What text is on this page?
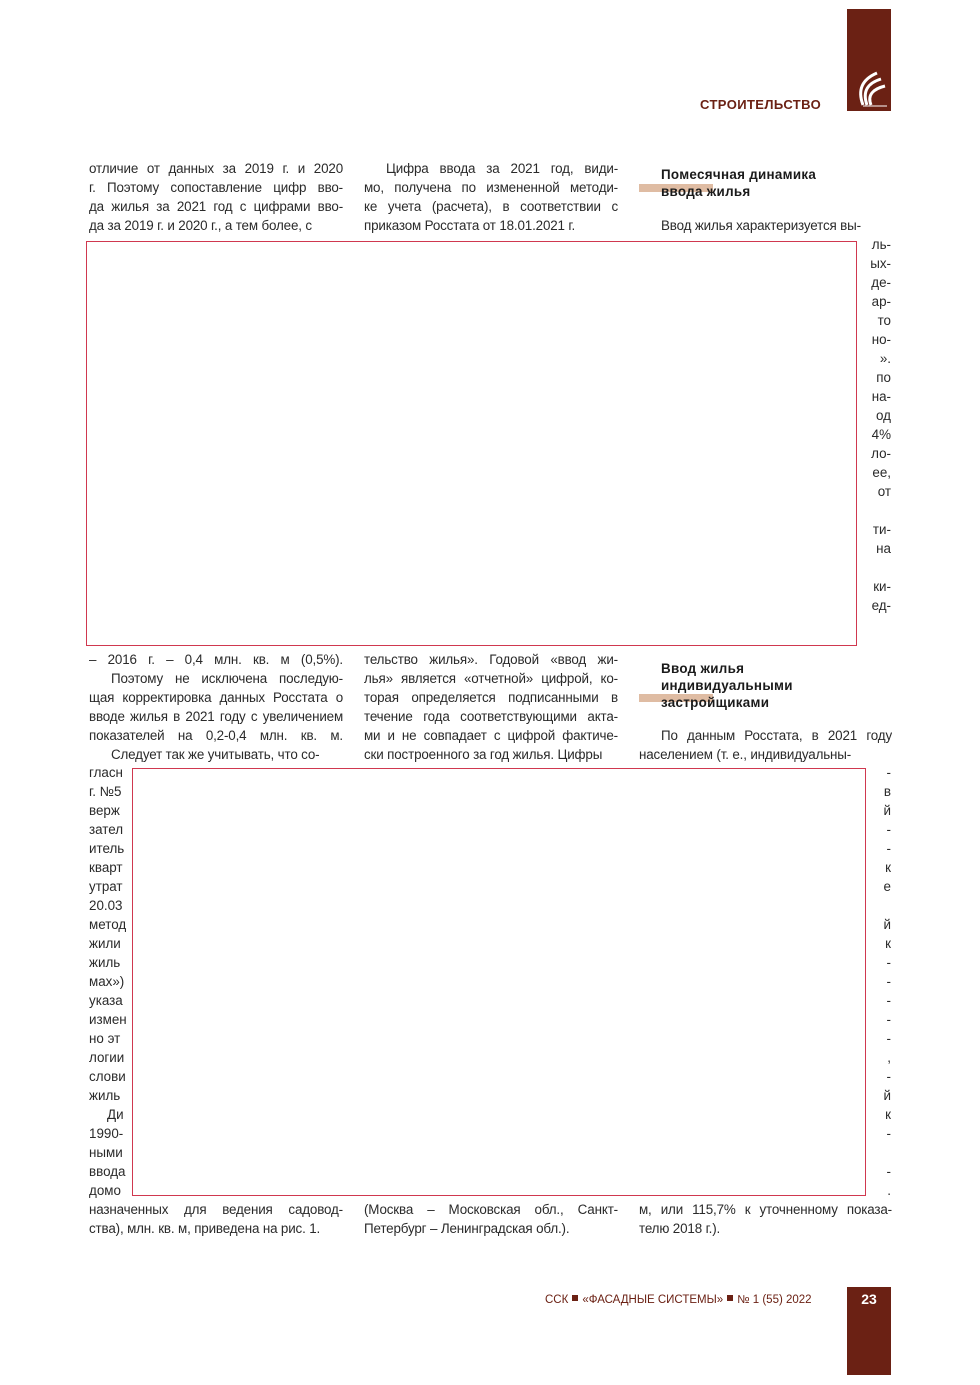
СТРОИТЕЛЬСТВО
отличие от данных за 2019 г. и 2020
г. Поэтому сопоставление цифр вво-
да жилья за 2021 год с цифрами вво-
да за 2019 г. и 2020 г., а тем более, с
Цифра ввода за 2021 год, види-
мо, получена по измененной методи-
ке учета (расчета), в соответствии с
приказом Росстата от 18.01.2021 г.
Помесячная динамика
ввода жилья
Ввод жилья характеризуется вы-
ль-
ых-
де-
ар-
то
но-
».
по
на-
од
4%
ло-
ее,
от

ти-
на

ки-
ед-
– 2016 г. – 0,4 млн. кв. м (0,5%).
Поэтому не исключена последую-
щая корректировка данных Росстата о
вводе жилья в 2021 году с увеличением
показателей на 0,2-0,4 млн. кв. м.
Следует так же учитывать, что со-
тельство жилья». Годовой «ввод жи-
лья» является «отчетной» цифрой, ко-
торая определяется подписанными в
течение года соответствующими акта-
ми и не совпадает с цифрой фактиче-
ски построенного за год жилья. Цифры
Ввод жилья
индивидуальными
застройщиками
По данным Росстата, в 2021 году
населением (т. е., индивидуальны-
гласн
г. №5
верж
зател
итель
кварт
утрат
20.03
метод
жили
жиль
мах»)
указа
измен
но эт
логии
слови
жиль
Ди
1990-
ными
ввода
домо
-
в
й
-
-
к
е

й
к
-
-
-
-
-
,
-
й
к
-

-
.
назначенных для ведения садовод-
ства), млн. кв. м, приведена на рис. 1.
(Москва – Московская обл., Санкт-
Петербург – Ленинградская обл.).
м, или 115,7% к уточненному показа-
телю 2018 г.).
ССК «ФАСАДНЫЕ СИСТЕМЫ» № 1 (55) 2022	23
